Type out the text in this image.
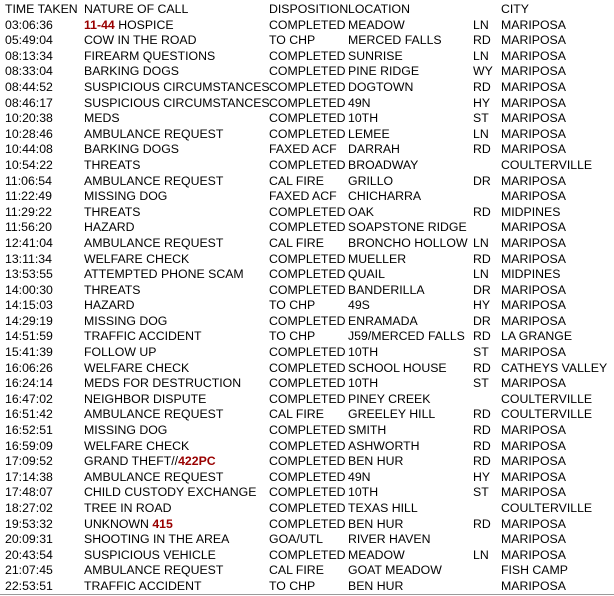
TIME TAKEN NATURE OF CALL	DISPOSITION LOCATION	CITY
03:06:36	11-44 HOSPICE	COMPLETED MEADOW	LN MARIPOSA
05:49:04	COW IN THE ROAD	TO CHP	MERCED FALLS	RD MARIPOSA
08:13:34	FIREARM QUESTIONS	COMPLETED SUNRISE	LN MARIPOSA
08:33:04	BARKING DOGS	COMPLETED PINE RIDGE	WY MARIPOSA
08:44:52	SUSPICIOUS CIRCUMSTANCES COMPLETED DOGTOWN	RD MARIPOSA
08:46:17	SUSPICIOUS CIRCUMSTANCES COMPLETED 49N	HY MARIPOSA
10:20:38	MEDS	COMPLETED 10TH	ST MARIPOSA
10:28:46	AMBULANCE REQUEST	COMPLETED LEMEE	LN MARIPOSA
10:44:08	BARKING DOGS	FAXED ACF DARRAH	RD MARIPOSA
10:54:22	THREATS	COMPLETED BROADWAY	COULTERVILLE
11:06:54	AMBULANCE REQUEST	CAL FIRE	GRILLO	DR MARIPOSA
11:22:49	MISSING DOG	FAXED ACF CHICHARRA	MARIPOSA
11:29:22	THREATS	COMPLETED OAK	RD MIDPINES
11:56:20	HAZARD	COMPLETED SOAPSTONE RIDGE	MARIPOSA
12:41:04	AMBULANCE REQUEST	CAL FIRE	BRONCHO HOLLOW LN MARIPOSA
13:11:34	WELFARE CHECK	COMPLETED MUELLER	RD MARIPOSA
13:53:55	ATTEMPTED PHONE SCAM	COMPLETED QUAIL	LN MIDPINES
14:00:30	THREATS	COMPLETED BANDERILLA	DR MARIPOSA
14:15:03	HAZARD	TO CHP	49S	HY MARIPOSA
14:29:19	MISSING DOG	COMPLETED ENRAMADA	DR MARIPOSA
14:51:59	TRAFFIC ACCIDENT	TO CHP	J59/MERCED FALLS RD LA GRANGE
15:41:39	FOLLOW UP	COMPLETED 10TH	ST MARIPOSA
16:06:26	WELFARE CHECK	COMPLETED SCHOOL HOUSE	RD CATHEYS VALLEY
16:24:14	MEDS FOR DESTRUCTION	COMPLETED 10TH	ST MARIPOSA
16:47:02	NEIGHBOR DISPUTE	COMPLETED PINEY CREEK	COULTERVILLE
16:51:42	AMBULANCE REQUEST	CAL FIRE	GREELEY HILL	RD COULTERVILLE
16:52:51	MISSING DOG	COMPLETED SMITH	RD MARIPOSA
16:59:09	WELFARE CHECK	COMPLETED ASHWORTH	RD MARIPOSA
17:09:52	GRAND THEFT//422PC	COMPLETED BEN HUR	RD MARIPOSA
17:14:38	AMBULANCE REQUEST	COMPLETED 49N	HY MARIPOSA
17:48:07	CHILD CUSTODY EXCHANGE	COMPLETED 10TH	ST MARIPOSA
18:27:02	TREE IN ROAD	COMPLETED TEXAS HILL	COULTERVILLE
19:53:32	UNKNOWN 415	COMPLETED BEN HUR	RD MARIPOSA
20:09:31	SHOOTING IN THE AREA	GOA/UTL	RIVER HAVEN	MARIPOSA
20:43:54	SUSPICIOUS VEHICLE	COMPLETED MEADOW	LN MARIPOSA
21:07:45	AMBULANCE REQUEST	CAL FIRE	GOAT MEADOW	FISH CAMP
22:53:51	TRAFFIC ACCIDENT	TO CHP	BEN HUR	MARIPOSA
